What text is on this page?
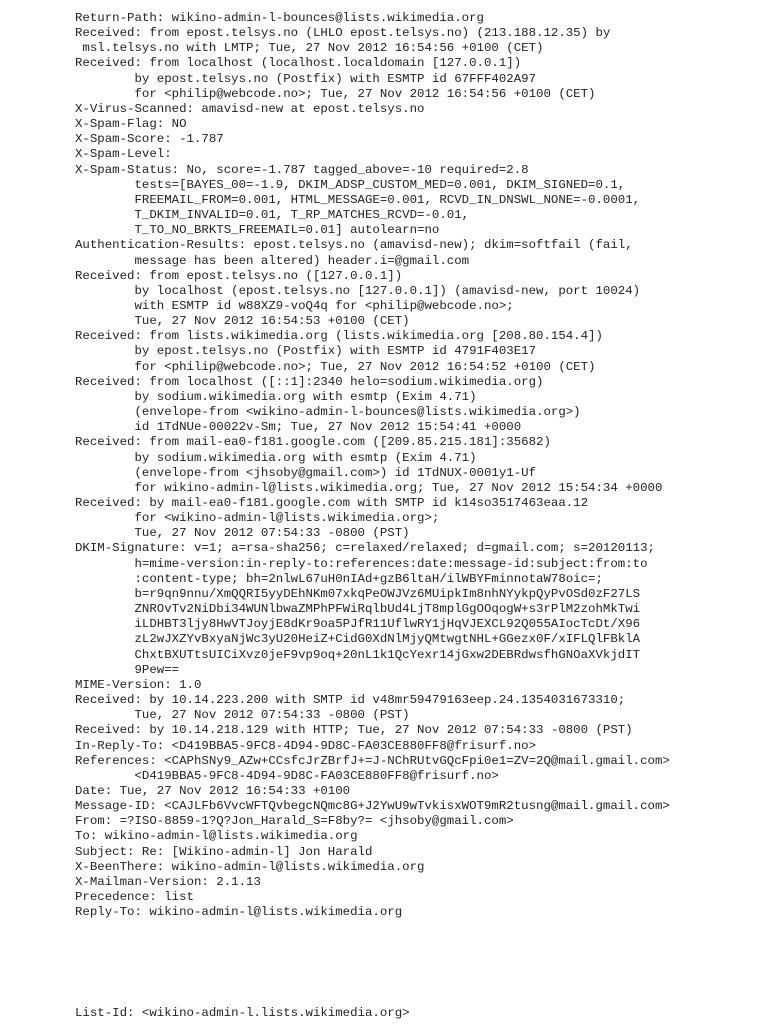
Return-Path: wikino-admin-l-bounces@lists.wikimedia.org
Received: from epost.telsys.no (LHLO epost.telsys.no) (213.188.12.35) by
msl.telsys.no with LMTP; Tue, 27 Nov 2012 16:54:56 +0100 (CET)
Received: from localhost (localhost.localdomain [127.0.0.1])
by epost.telsys.no (Postfix) with ESMTP id 67FFF402A97
for <philip@webcode.no>; Tue, 27 Nov 2012 16:54:56 +0100 (CET)
X-Virus-Scanned: amavisd-new at epost.telsys.no
X-Spam-Flag: NO
X-Spam-Score: -1.787
X-Spam-Level:
X-Spam-Status: No, score=-1.787 tagged_above=-10 required=2.8
tests=[BAYES_00=-1.9, DKIM_ADSP_CUSTOM_MED=0.001, DKIM_SIGNED=0.1,
FREEMAIL_FROM=0.001, HTML_MESSAGE=0.001, RCVD_IN_DNSWL_NONE=-0.0001,
T_DKIM_INVALID=0.01, T_RP_MATCHES_RCVD=-0.01,
T_TO_NO_BRKTS_FREEMAIL=0.01] autolearn=no
Authentication-Results: epost.telsys.no (amavisd-new); dkim=softfail (fail,
message has been altered) header.i=@gmail.com
Received: from epost.telsys.no ([127.0.0.1])
by localhost (epost.telsys.no [127.0.0.1]) (amavisd-new, port 10024)
with ESMTP id w88XZ9-voQ4q for <philip@webcode.no>;
Tue, 27 Nov 2012 16:54:53 +0100 (CET)
Received: from lists.wikimedia.org (lists.wikimedia.org [208.80.154.4])
by epost.telsys.no (Postfix) with ESMTP id 4791F403E17
for <philip@webcode.no>; Tue, 27 Nov 2012 16:54:52 +0100 (CET)
Received: from localhost ([::1]:2340 helo=sodium.wikimedia.org)
by sodium.wikimedia.org with esmtp (Exim 4.71)
(envelope-from <wikino-admin-l-bounces@lists.wikimedia.org>)
id 1TdNUe-00022v-Sm; Tue, 27 Nov 2012 15:54:41 +0000
Received: from mail-ea0-f181.google.com ([209.85.215.181]:35682)
by sodium.wikimedia.org with esmtp (Exim 4.71)
(envelope-from <jhsoby@gmail.com>) id 1TdNUX-0001y1-Uf
for wikino-admin-l@lists.wikimedia.org; Tue, 27 Nov 2012 15:54:34 +0000
Received: by mail-ea0-f181.google.com with SMTP id k14so3517463eaa.12
for <wikino-admin-l@lists.wikimedia.org>;
Tue, 27 Nov 2012 07:54:33 -0800 (PST)
DKIM-Signature: v=1; a=rsa-sha256; c=relaxed/relaxed; d=gmail.com; s=20120113;
h=mime-version:in-reply-to:references:date:message-id:subject:from:to
:content-type; bh=2nlwL67uH0nIAd+gzB6ltaH/ilWBYFminnotaW78oic=;
b=r9qn9nnu/XmQQRI5yyDEhNKm07xkqPeOWJVz6MUipkIm8nhNYykpQyPvOSd0zF27LS
ZNROvTv2NiDbi34WUNlbwaZMPhPFWiRqlbUd4LjT8mplGgOOqogW+s3rPlM2zohMkTwi
iLDHBT3ljy8HwVTJoyjE8dKr9oa5PJfR11UflwRY1jHqVJEXCL92Q055AIocTcDt/X96
zL2wJXZYvBxyaNjWc3yU20HeiZ+CidG0XdNlMjyQMtwgtNHL+GGezx0F/xIFLQlFBklA
ChxtBXUTtsUICiXvz0jeF9vp9oq+20nL1k1QcYexr14jGxw2DEBRdwsfhGNOaXVkjdIT
9Pew==
MIME-Version: 1.0
Received: by 10.14.223.200 with SMTP id v48mr59479163eep.24.1354031673310;
Tue, 27 Nov 2012 07:54:33 -0800 (PST)
Received: by 10.14.218.129 with HTTP; Tue, 27 Nov 2012 07:54:33 -0800 (PST)
In-Reply-To: <D419BBA5-9FC8-4D94-9D8C-FA03CE880FF8@frisurf.no>
References: <CAPhSNy9_AZw+CCsfcJrZBrfJ+=J-NChRUtvGQcFpi0e1=ZV=2Q@mail.gmail.com>
<D419BBA5-9FC8-4D94-9D8C-FA03CE880FF8@frisurf.no>
Date: Tue, 27 Nov 2012 16:54:33 +0100
Message-ID: <CAJLFb6VvcWFTQvbegcNQmc8G+J2YwU9wTvkisxWOT9mR2tusng@mail.gmail.com>
From: =?ISO-8859-1?Q?Jon_Harald_S=F8by?= <jhsoby@gmail.com>
To: wikino-admin-l@lists.wikimedia.org
Subject: Re: [Wikino-admin-l] Jon Harald
X-BeenThere: wikino-admin-l@lists.wikimedia.org
X-Mailman-Version: 2.1.13
Precedence: list
Reply-To: wikino-admin-l@lists.wikimedia.org
List-Id: <wikino-admin-l.lists.wikimedia.org>
